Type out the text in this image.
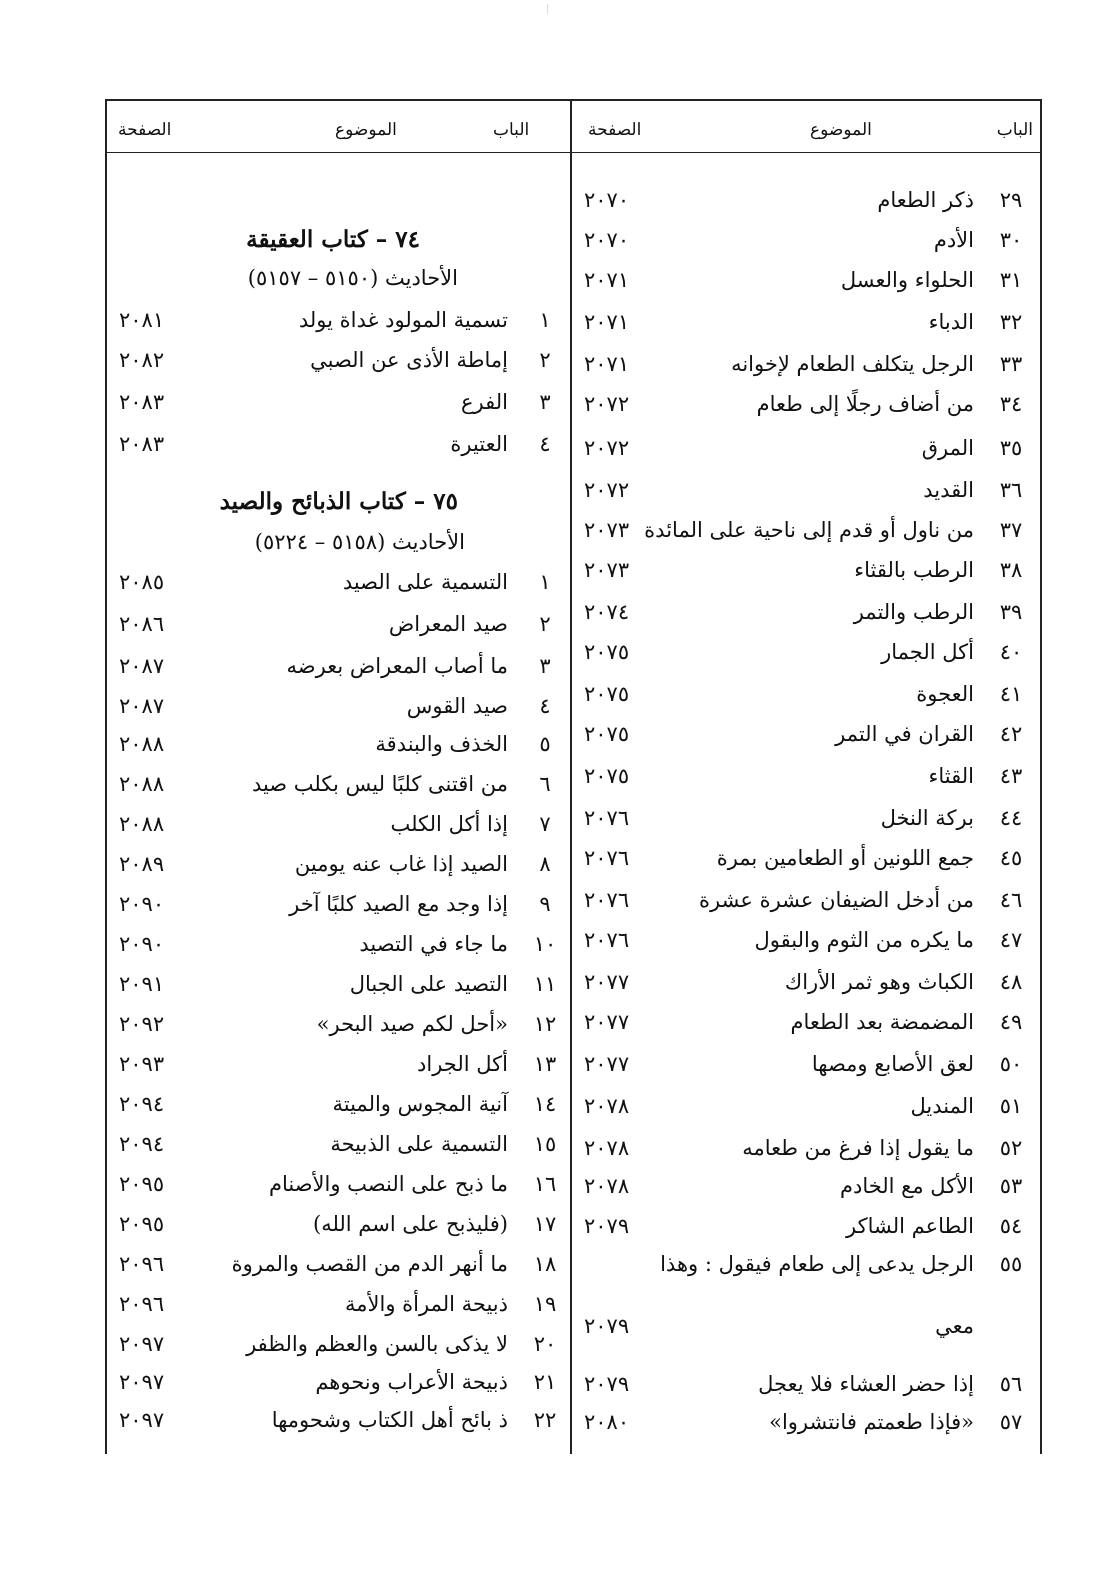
الباب
الموضوع
الصفحة
الباب
الموضوع
الصفحة
٢٩
ذكر الطعام
٢٠٧٠
٣٠
الأدم
٢٠٧٠
٣١
الحلواء والعسل
٢٠٧١
٣٢
الدباء
٢٠٧١
٣٣
الرجل يتكلف الطعام لإخوانه
٢٠٧١
٣٤
من أضاف رجلًا إلى طعام
٢٠٧٢
٣٥
المرق
٢٠٧٢
٣٦
القديد
٢٠٧٢
٣٧
من ناول أو قدم إلى ناحية على المائدة
٢٠٧٣
٣٨
الرطب بالقثاء
٢٠٧٣
٣٩
الرطب والتمر
٢٠٧٤
٤٠
أكل الجمار
٢٠٧٥
٤١
العجوة
٢٠٧٥
٤٢
القران في التمر
٢٠٧٥
٤٣
القثاء
٢٠٧٥
٤٤
بركة النخل
٢٠٧٦
٤٥
جمع اللونين أو الطعامين بمرة
٢٠٧٦
٤٦
من أدخل الضيفان عشرة عشرة
٢٠٧٦
٤٧
ما يكره من الثوم والبقول
٢٠٧٦
٤٨
الكباث وهو ثمر الأراك
٢٠٧٧
٤٩
المضمضة بعد الطعام
٢٠٧٧
٥٠
لعق الأصابع ومصها
٢٠٧٧
٥١
المنديل
٢٠٧٨
٥٢
ما يقول إذا فرغ من طعامه
٢٠٧٨
٥٣
الأكل مع الخادم
٢٠٧٨
٥٤
الطاعم الشاكر
٢٠٧٩
٥٥
الرجل يدعى إلى طعام فيقول : وهذا
معي
٢٠٧٩
٥٦
إذا حضر العشاء فلا يعجل
٢٠٧٩
٥٧
«فإذا طعمتم فانتشروا»
٢٠٨٠
٧٤ – كتاب العقيقة
الأحاديث (٥١٥٠ – ٥١٥٧)
٧٥ – كتاب الذبائح والصيد
الأحاديث (٥١٥٨ – ٥٢٢٤)
١
تسمية المولود غداة يولد
٢٠٨١
٢
إماطة الأذى عن الصبي
٢٠٨٢
٣
الفرع
٢٠٨٣
٤
العتيرة
٢٠٨٣
١
التسمية على الصيد
٢٠٨٥
٢
صيد المعراض
٢٠٨٦
٣
ما أصاب المعراض بعرضه
٢٠٨٧
٤
صيد القوس
٢٠٨٧
٥
الخذف والبندقة
٢٠٨٨
٦
من اقتنى كلبًا ليس بكلب صيد
٢٠٨٨
٧
إذا أكل الكلب
٢٠٨٨
٨
الصيد إذا غاب عنه يومين
٢٠٨٩
٩
إذا وجد مع الصيد كلبًا آخر
٢٠٩٠
١٠
ما جاء في التصيد
٢٠٩٠
١١
التصيد على الجبال
٢٠٩١
١٢
«أحل لكم صيد البحر»
٢٠٩٢
١٣
أكل الجراد
٢٠٩٣
١٤
آنية المجوس والميتة
٢٠٩٤
١٥
التسمية على الذبيحة
٢٠٩٤
١٦
ما ذبح على النصب والأصنام
٢٠٩٥
١٧
(فليذبح على اسم الله)
٢٠٩٥
١٨
ما أنهر الدم من القصب والمروة
٢٠٩٦
١٩
ذبيحة المرأة والأمة
٢٠٩٦
٢٠
لا يذكى بالسن والعظم والظفر
٢٠٩٧
٢١
ذبيحة الأعراب ونحوهم
٢٠٩٧
٢٢
ذ بائح أهل الكتاب وشحومها
٢٠٩٧
